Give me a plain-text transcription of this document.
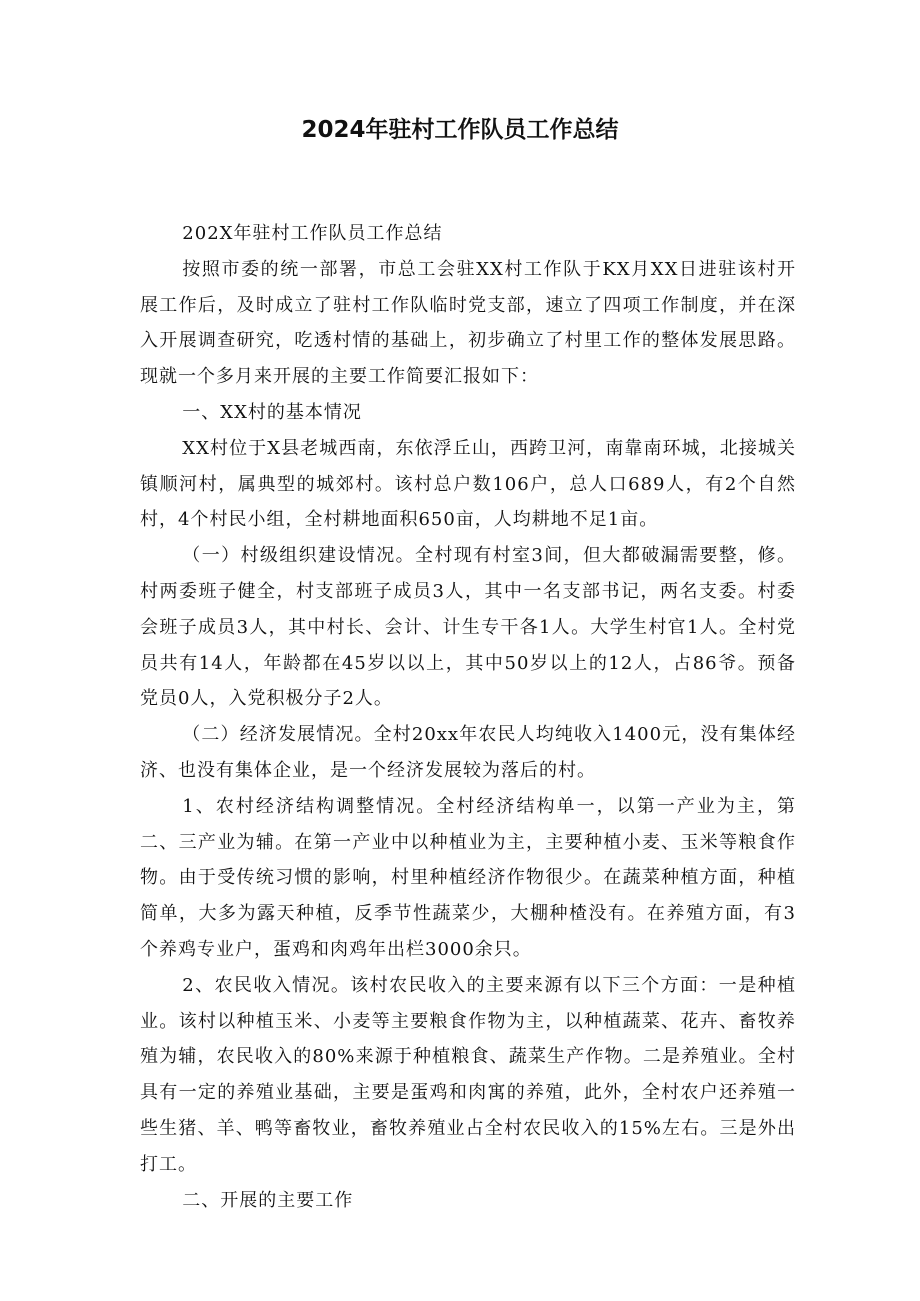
2024年驻村工作队员工作总结

202X年驻村工作队员工作总结

按照市委的统一部署，市总工会驻XX村工作队于KX月XX日进驻该村开展工作后，及时成立了驻村工作队临时党支部，速立了四项工作制度，并在深入开展调查研究，吃透村情的基础上，初步确立了村里工作的整体发展思路。现就一个多月来开展的主要工作简要汇报如下：

一、XX村的基本情况

XX村位于X县老城西南，东依浮丘山，西跨卫河，南靠南环城，北接城关镇顺河村，属典型的城郊村。该村总户数106户，总人口689人，有2个自然村，4个村民小组，全村耕地面积650亩，人均耕地不足1亩。

（一）村级组织建设情况。全村现有村室3间，但大都破漏需要整，修。村两委班子健全，村支部班子成员3人，其中一名支部书记，两名支委。村委会班子成员3人，其中村长、会计、计生专干各1人。大学生村官1人。全村党员共有14人，年龄都在45岁以以上，其中50岁以上的12人，占86爷。预备党员0人，入党积极分子2人。

（二）经济发展情况。全村20xx年农民人均纯收入1400元，没有集体经济、也没有集体企业，是一个经济发展较为落后的村。

1、农村经济结构调整情况。全村经济结构单一，以第一产业为主，第二、三产业为辅。在第一产业中以种植业为主，主要种植小麦、玉米等粮食作物。由于受传统习惯的影响，村里种植经济作物很少。在蔬菜种植方面，种植简单，大多为露天种植，反季节性蔬菜少，大棚种楂没有。在养殖方面，有3个养鸡专业户，蛋鸡和肉鸡年出栏3000余只。

2、农民收入情况。该村农民收入的主要来源有以下三个方面：一是种植业。该村以种植玉米、小麦等主要粮食作物为主，以种植蔬菜、花卉、畜牧养殖为辅，农民收入的80%来源于种植粮食、蔬菜生产作物。二是养殖业。全村具有一定的养殖业基础，主要是蛋鸡和肉寓的养殖，此外，全村农户还养殖一些生猪、羊、鸭等畜牧业，畜牧养殖业占全村农民收入的15%左右。三是外出打工。

二、开展的主要工作
